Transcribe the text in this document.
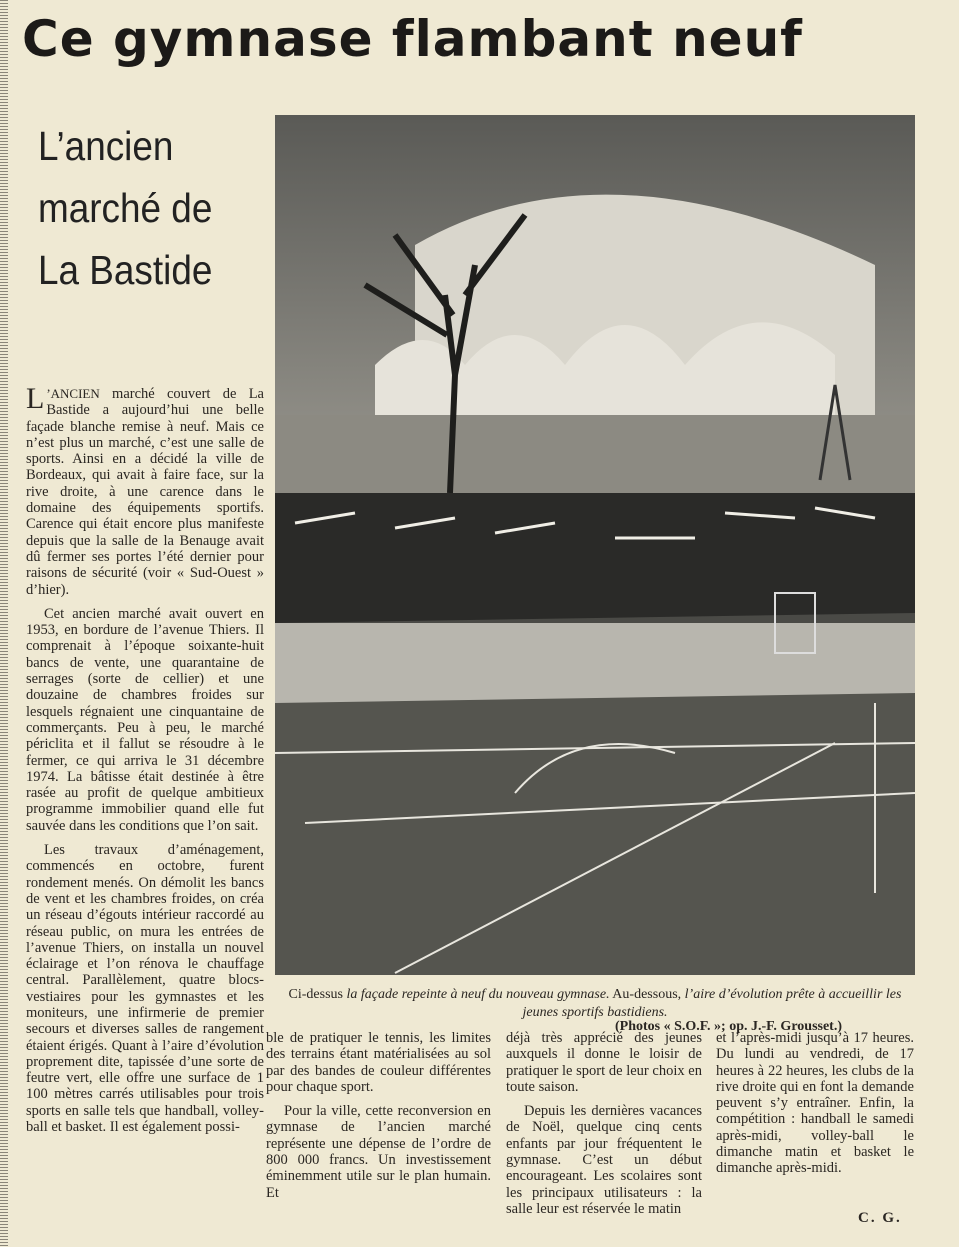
Ce gymnase flambant neuf
L’ancien marché de La Bastide

L ’ANCIEN marché couvert de La Bastide a aujourd’hui une belle façade blanche remise à neuf. Mais ce n’est plus un marché, c’est une salle de sports. Ainsi en a décidé la ville de Bordeaux, qui avait à faire face, sur la rive droite, à une carence dans le domaine des équipements sportifs. Carence qui était encore plus manifeste depuis que la salle de la Benauge avait dû fermer ses portes l’été dernier pour raisons de sécurité (voir « Sud-Ouest » d’hier).

Cet ancien marché avait ouvert en 1953, en bordure de l’avenue Thiers. Il comprenait à l’époque soixante-huit bancs de vente, une quarantaine de serrages (sorte de cellier) et une douzaine de chambres froides sur lesquels régnaient une cinquantaine de commerçants. Peu à peu, le marché périclita et il fallut se résoudre à le fermer, ce qui arriva le 31 décembre 1974. La bâtisse était destinée à être rasée au profit de quelque ambitieux programme immobilier quand elle fut sauvée dans les conditions que l’on sait.

Les travaux d’aménagement, commencés en octobre, furent rondement menés. On démolit les bancs de vent et les chambres froides, on créa un réseau d’égouts intérieur raccordé au réseau public, on mura les entrées de l’avenue Thiers, on installa un nouvel éclairage et l’on rénova le chauffage central. Parallèlement, quatre blocs-vestiaires pour les gymnastes et les moniteurs, une infirmerie de premier secours et diverses salles de rangement étaient érigés. Quant à l’aire d’évolution proprement dite, tapissée d’une sorte de feutre vert, elle offre une surface de 1 100 mètres carrés utilisables pour trois sports en salle tels que handball, volley-ball et basket. Il est également possi-

Ci-dessus la façade repeinte à neuf du nouveau gymnase. Au-dessous, l’aire d’évolution prête à accueillir les jeunes sportifs bastidiens.
(Photos « S.O.F. »; op. J.-F. Grousset.)

ble de pratiquer le tennis, les limites des terrains étant matérialisées au sol par des bandes de couleur différentes pour chaque sport.

Pour la ville, cette reconversion en gymnase de l’ancien marché représente une dépense de l’ordre de 800 000 francs. Un investissement éminemment utile sur le plan humain. Et

déjà très apprécié des jeunes auxquels il donne le loisir de pratiquer le sport de leur choix en toute saison.

Depuis les dernières vacances de Noël, quelque cinq cents enfants par jour fréquentent le gymnase. C’est un début encourageant. Les scolaires sont les principaux utilisateurs : la salle leur est réservée le matin

et l’après-midi jusqu’à 17 heures. Du lundi au vendredi, de 17 heures à 22 heures, les clubs de la rive droite qui en font la demande peuvent s’y entraîner. Enfin, la compétition : handball le samedi après-midi, volley-ball le dimanche matin et basket le dimanche après-midi.

C. G.
